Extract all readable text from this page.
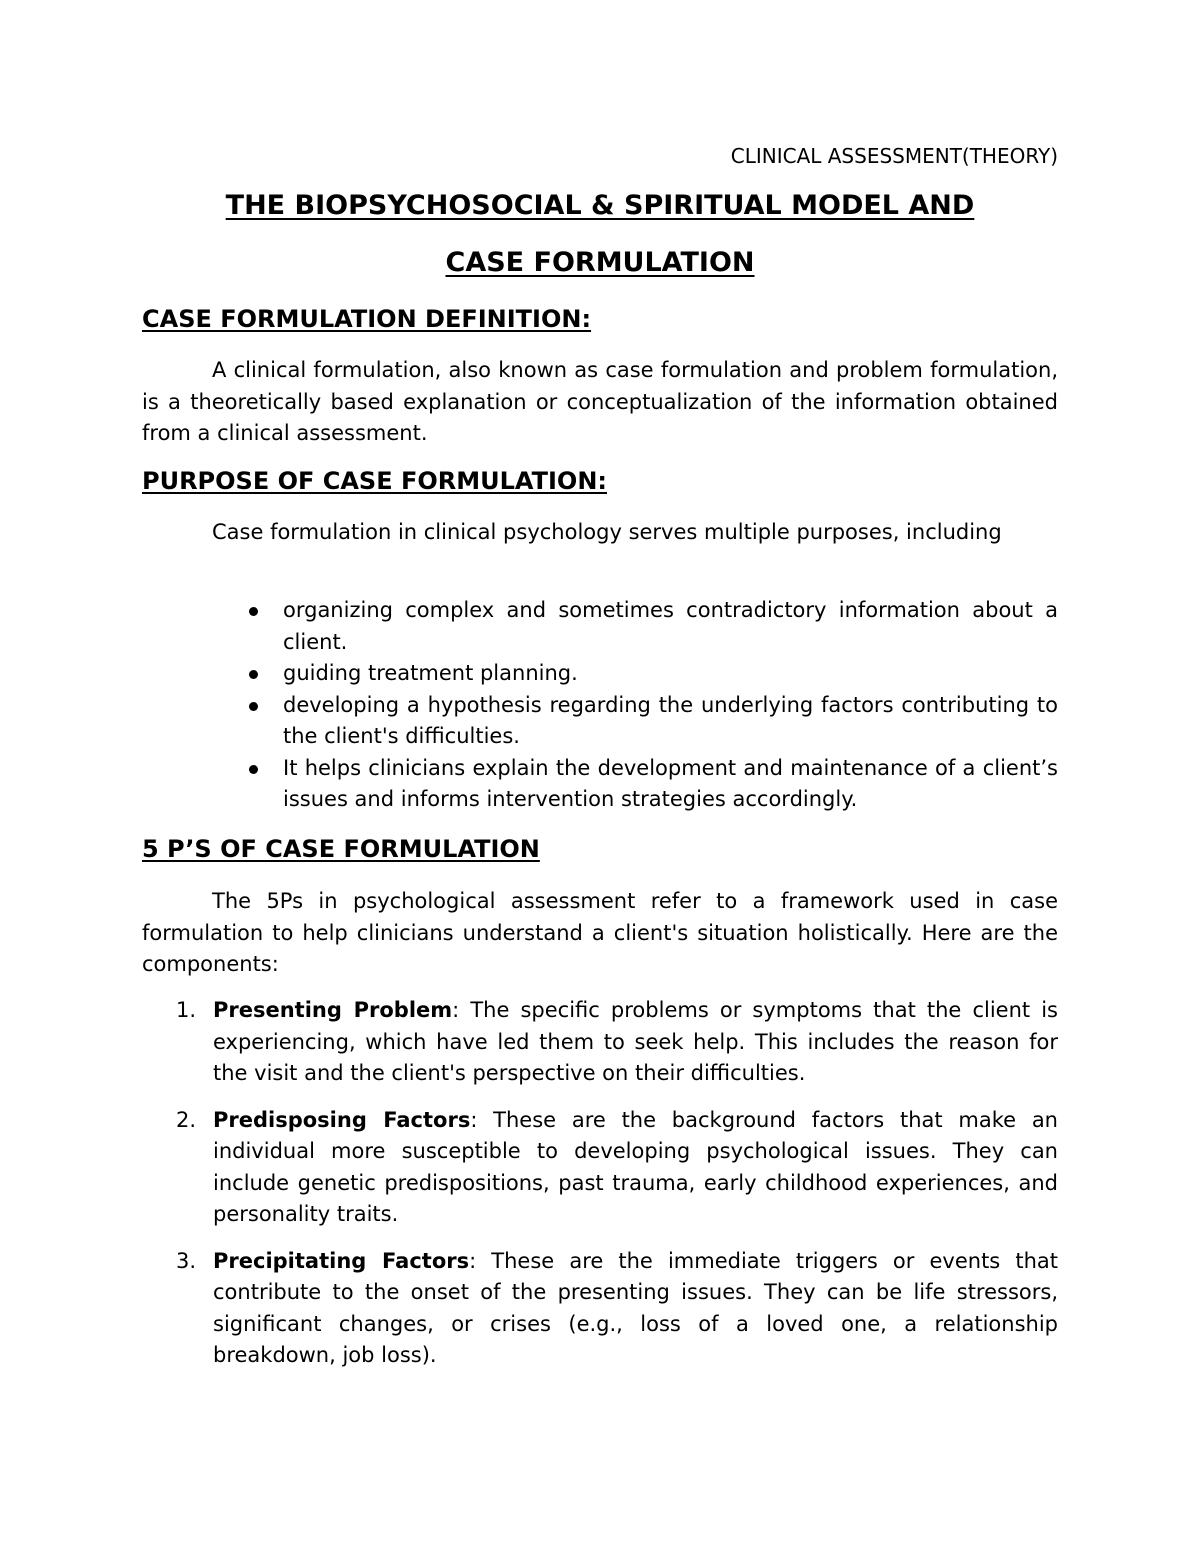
CLINICAL ASSESSMENT(THEORY)
THE BIOPSYCHOSOCIAL & SPIRITUAL MODEL AND
CASE FORMULATION
CASE FORMULATION DEFINITION:

A clinical formulation, also known as case formulation and problem formulation, is a theoretically based explanation or conceptualization of the information obtained from a clinical assessment.

PURPOSE OF CASE FORMULATION:

Case formulation in clinical psychology serves multiple purposes, including

organizing complex and sometimes contradictory information about a client.
guiding treatment planning.
developing a hypothesis regarding the underlying factors contributing to the client's difficulties.
It helps clinicians explain the development and maintenance of a client’s issues and informs intervention strategies accordingly.
5 P’S OF CASE FORMULATION

The 5Ps in psychological assessment refer to a framework used in case formulation to help clinicians understand a client's situation holistically. Here are the components:

1. Presenting Problem: The specific problems or symptoms that the client is experiencing, which have led them to seek help. This includes the reason for the visit and the client's perspective on their difficulties.
2. Predisposing Factors: These are the background factors that make an individual more susceptible to developing psychological issues. They can include genetic predispositions, past trauma, early childhood experiences, and personality traits.
3. Precipitating Factors: These are the immediate triggers or events that contribute to the onset of the presenting issues. They can be life stressors, significant changes, or crises (e.g., loss of a loved one, a relationship breakdown, job loss).
